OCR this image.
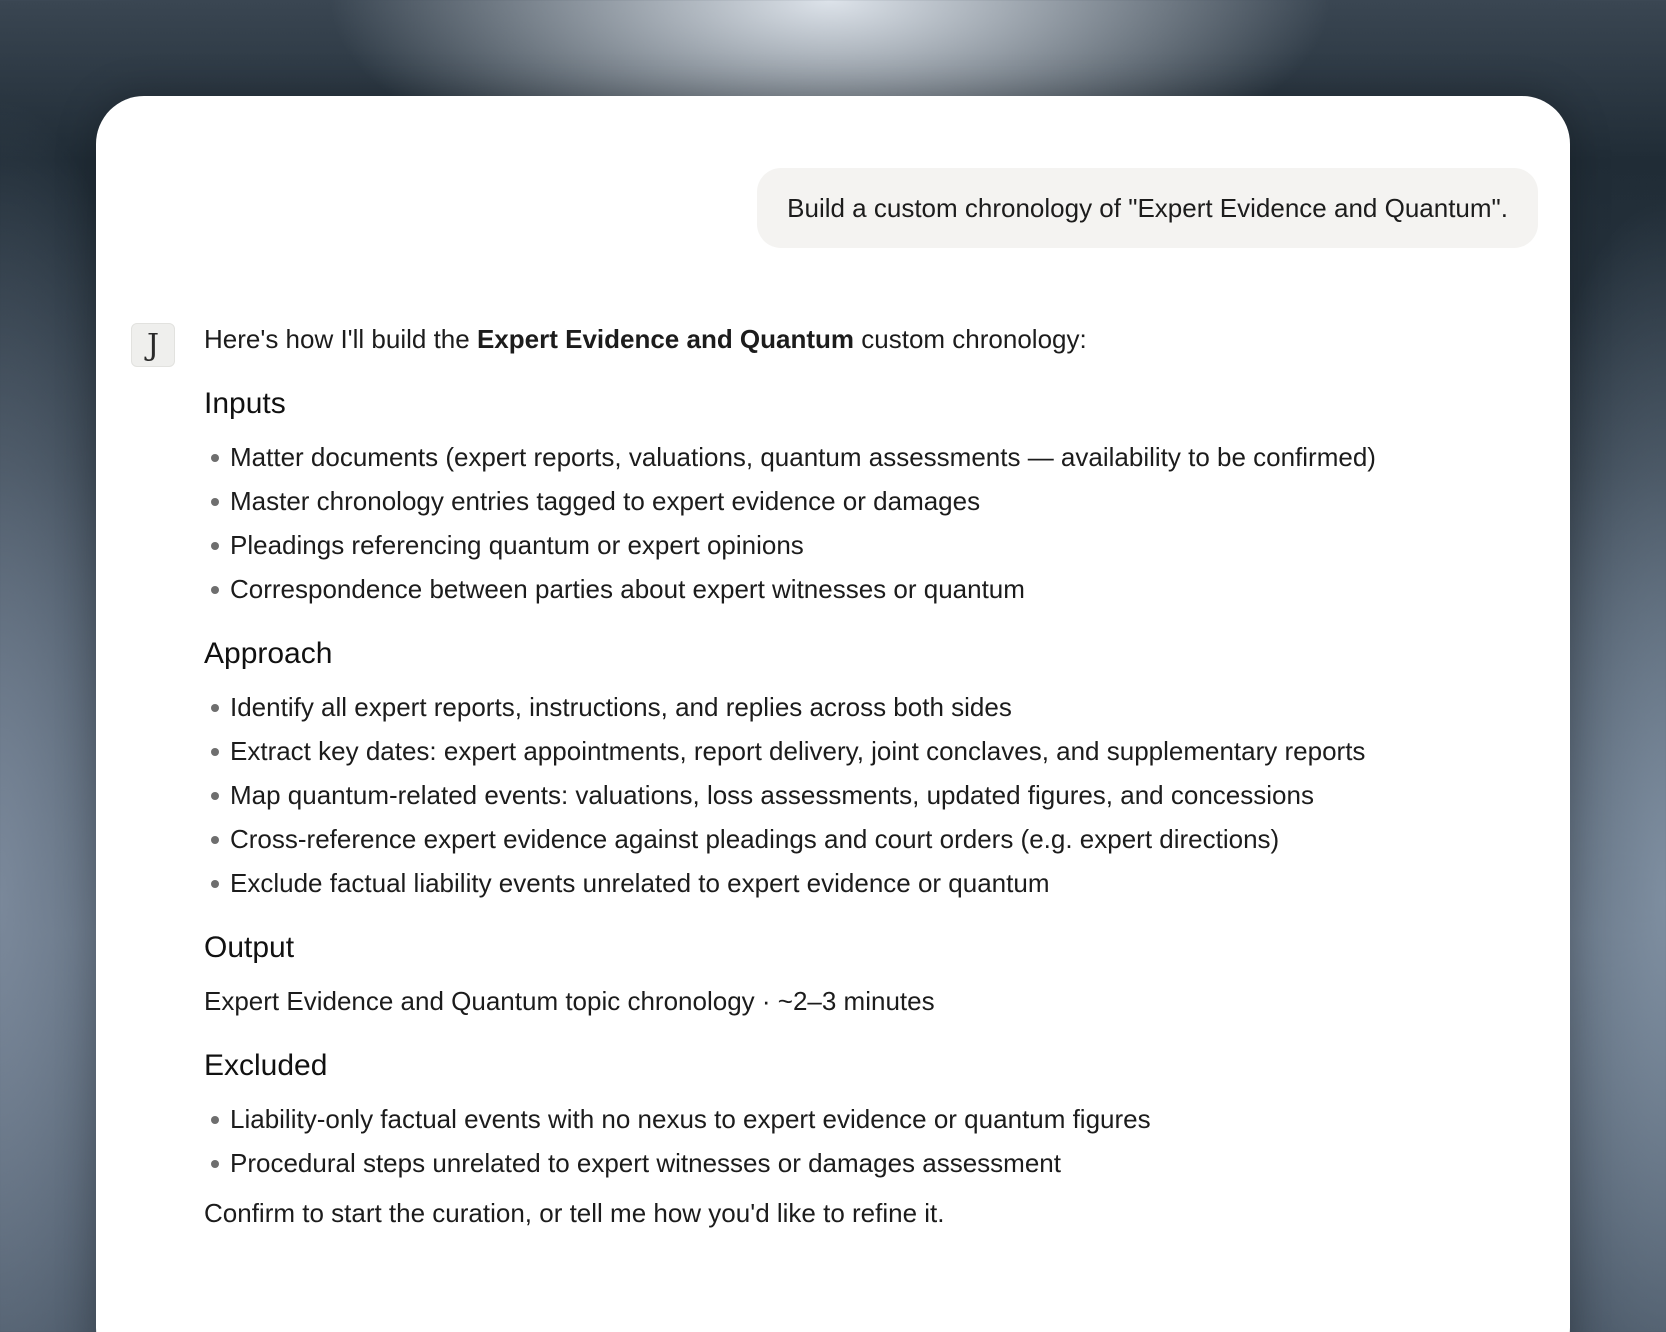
Build a custom chronology of "Expert Evidence and Quantum".
J Here's how I'll build the Expert Evidence and Quantum custom chronology:
Inputs
Matter documents (expert reports, valuations, quantum assessments — availability to be confirmed)
Master chronology entries tagged to expert evidence or damages
Pleadings referencing quantum or expert opinions
Correspondence between parties about expert witnesses or quantum
Approach
Identify all expert reports, instructions, and replies across both sides
Extract key dates: expert appointments, report delivery, joint conclaves, and supplementary reports
Map quantum-related events: valuations, loss assessments, updated figures, and concessions
Cross-reference expert evidence against pleadings and court orders (e.g. expert directions)
Exclude factual liability events unrelated to expert evidence or quantum
Output
Expert Evidence and Quantum topic chronology · ~2–3 minutes
Excluded
Liability-only factual events with no nexus to expert evidence or quantum figures
Procedural steps unrelated to expert witnesses or damages assessment
Confirm to start the curation, or tell me how you'd like to refine it.
